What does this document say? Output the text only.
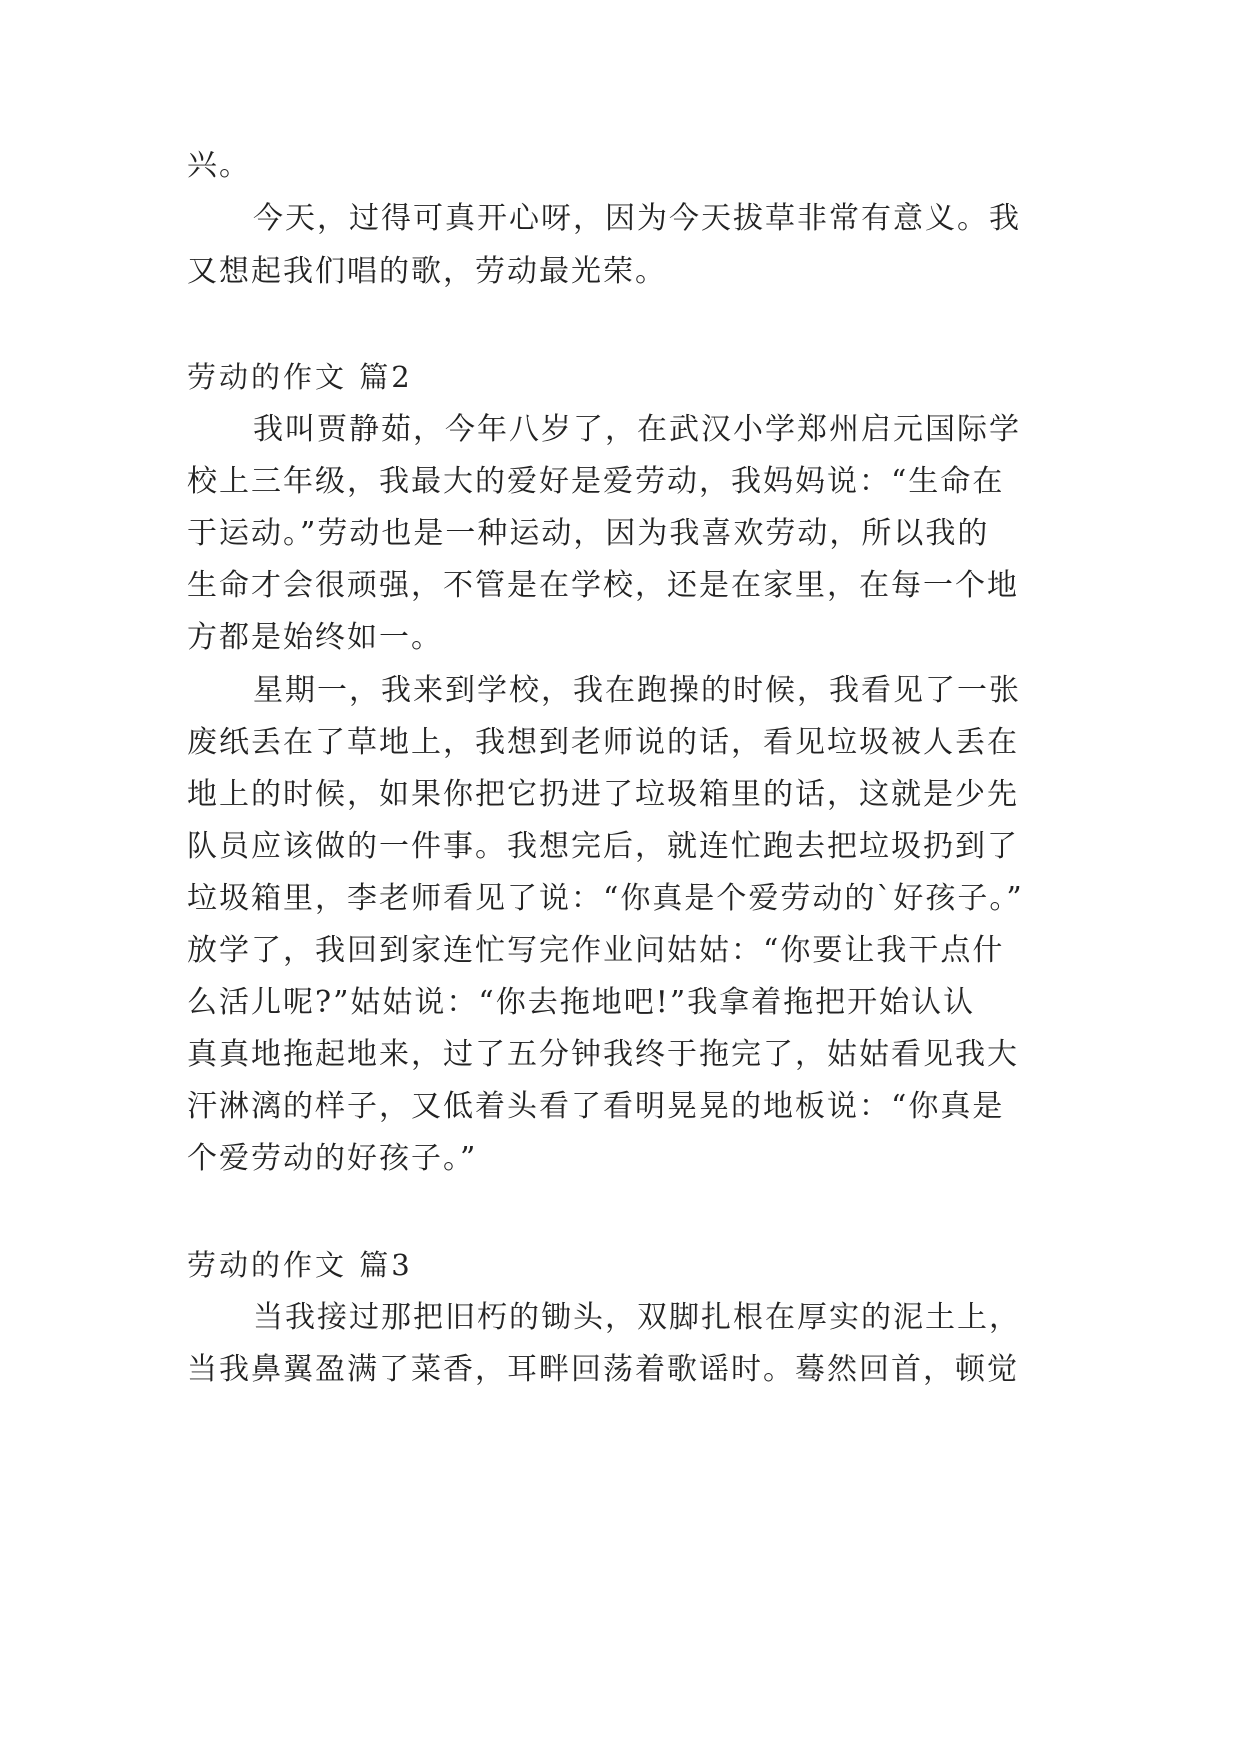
兴。
今天，过得可真开心呀，因为今天拔草非常有意义。我
又想起我们唱的歌，劳动最光荣。
劳动的作文 篇2
我叫贾静茹，今年八岁了，在武汉小学郑州启元国际学
校上三年级，我最大的爱好是爱劳动，我妈妈说：“生命在
于运动。”劳动也是一种运动，因为我喜欢劳动，所以我的
生命才会很顽强，不管是在学校，还是在家里，在每一个地
方都是始终如一。
星期一，我来到学校，我在跑操的时候，我看见了一张
废纸丢在了草地上，我想到老师说的话，看见垃圾被人丢在
地上的时候，如果你把它扔进了垃圾箱里的话，这就是少先
队员应该做的一件事。我想完后，就连忙跑去把垃圾扔到了
垃圾箱里，李老师看见了说：“你真是个爱劳动的`好孩子。”
放学了，我回到家连忙写完作业问姑姑：“你要让我干点什
么活儿呢?”姑姑说：“你去拖地吧!”我拿着拖把开始认认
真真地拖起地来，过了五分钟我终于拖完了，姑姑看见我大
汗淋漓的样子，又低着头看了看明晃晃的地板说：“你真是
个爱劳动的好孩子。”
劳动的作文 篇3
当我接过那把旧朽的锄头，双脚扎根在厚实的泥土上，
当我鼻翼盈满了菜香，耳畔回荡着歌谣时。蓦然回首，顿觉
